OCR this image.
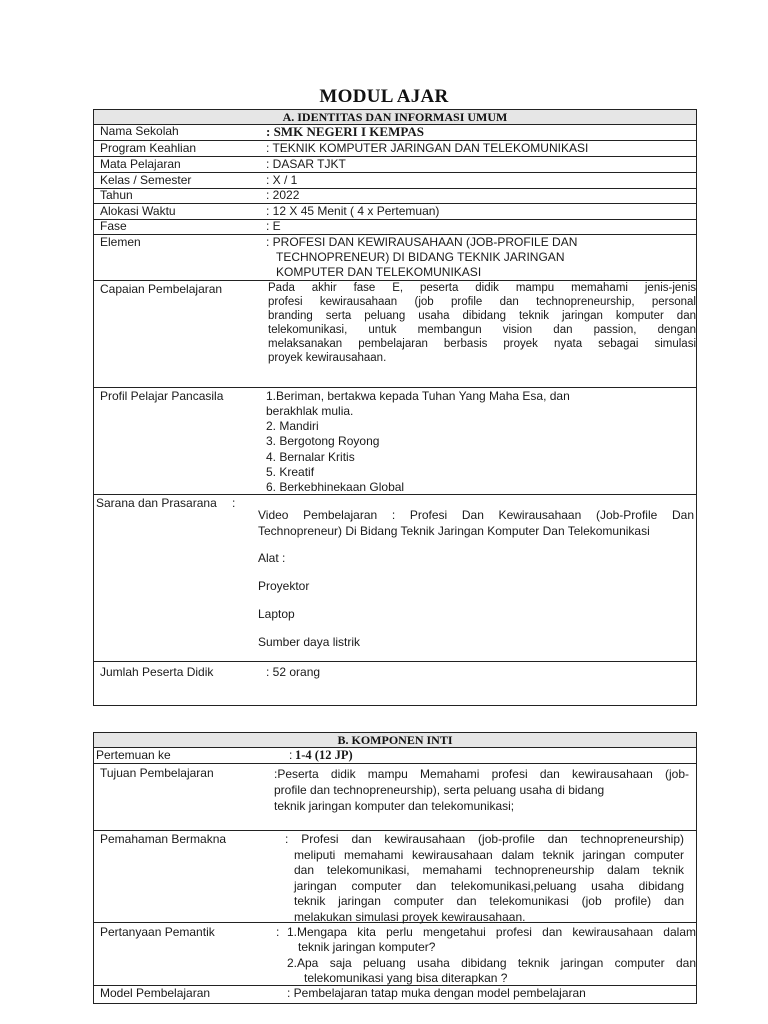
MODUL AJAR
A. IDENTITAS DAN INFORMASI UMUM
Nama Sekolah	: SMK NEGERI I KEMPAS
Program Keahlian	: TEKNIK KOMPUTER JARINGAN DAN TELEKOMUNIKASI
Mata Pelajaran	: DASAR TJKT
Kelas / Semester	: X / 1
Tahun	: 2022
Alokasi Waktu	: 12 X 45 Menit ( 4 x Pertemuan)
Fase	: E
Elemen	: PROFESI DAN KEWIRAUSAHAAN (JOB-PROFILE DAN
TECHNOPRENEUR) DI BIDANG TEKNIK JARINGAN
KOMPUTER DAN TELEKOMUNIKASI
Capaian Pembelajaran	Pada akhir fase E, peserta didik mampu memahami jenis-jenis
profesi kewirausahaan (job profile dan technopreneurship, personal
branding serta peluang usaha dibidang teknik jaringan komputer dan
telekomunikasi, untuk membangun vision dan passion, dengan
melaksanakan pembelajaran berbasis proyek nyata sebagai simulasi
proyek kewirausahaan.
Profil Pelajar Pancasila	1.Beriman, bertakwa kepada Tuhan Yang Maha Esa, dan
berakhlak mulia.
2. Mandiri
3. Bergotong Royong
4. Bernalar Kritis
5. Kreatif
6. Berkebhinekaan Global
Sarana dan Prasarana :
Video Pembelajaran : Profesi Dan Kewirausahaan (Job-Profile Dan
Technopreneur) Di Bidang Teknik Jaringan Komputer Dan Telekomunikasi
Alat :
Proyektor
Laptop
Sumber daya listrik
Jumlah Peserta Didik	: 52 orang
B. KOMPONEN INTI
Pertemuan ke	: 1-4 (12 JP)
Tujuan Pembelajaran	:Peserta didik mampu Memahami profesi dan kewirausahaan (job-
profile dan technopreneurship), serta peluang usaha di bidang
teknik jaringan komputer dan telekomunikasi;
Pemahaman Bermakna	: Profesi dan kewirausahaan (job-profile dan technopreneurship)
meliputi memahami kewirausahaan dalam teknik jaringan computer
dan telekomunikasi, memahami technopreneurship dalam teknik
jaringan computer dan telekomunikasi,peluang usaha dibidang
teknik jaringan computer dan telekomunikasi (job profile) dan
melakukan simulasi proyek kewirausahaan.
Pertanyaan Pemantik	: 1.Mengapa kita perlu mengetahui profesi dan kewirausahaan dalam
teknik jaringan komputer?
2.Apa saja peluang usaha dibidang teknik jaringan computer dan
telekomunikasi yang bisa diterapkan ?
Model Pembelajaran	: Pembelajaran tatap muka dengan model pembelajaran
